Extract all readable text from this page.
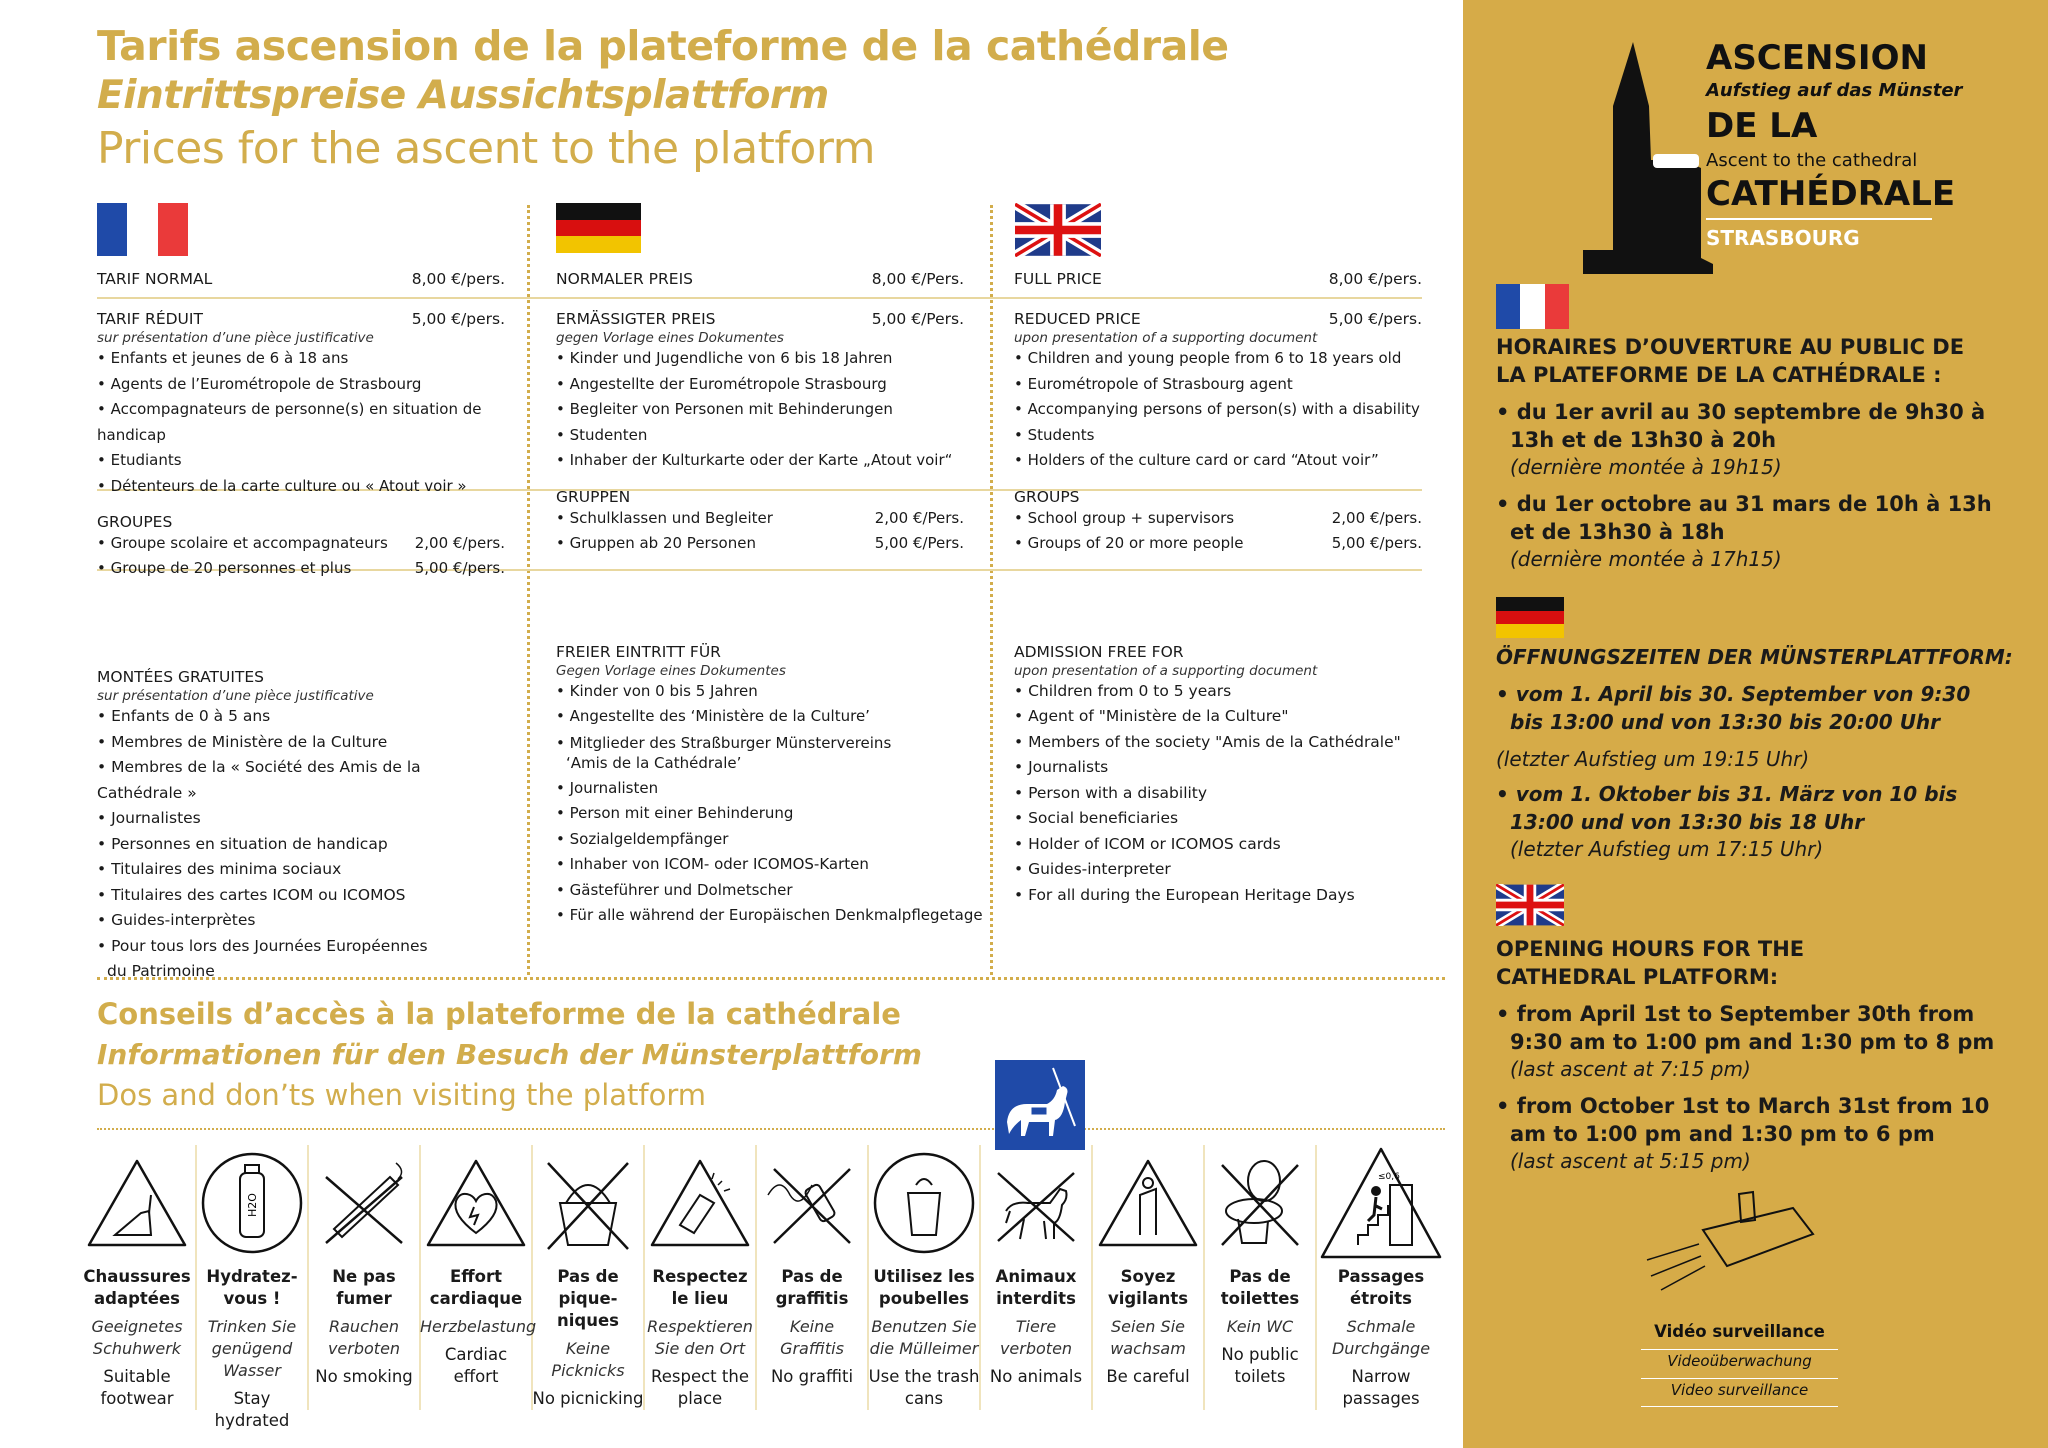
Tarifs ascension de la plateforme de la cathédrale
Eintrittspreise Aussichtsplattform
Prices for the ascent to the platform
TARIF NORMAL	8,00 €/pers.
TARIF RÉDUIT	5,00 €/pers.
sur présentation d’une pièce justificative
• Enfants et jeunes de 6 à 18 ans
• Agents de l’Eurométropole de Strasbourg
• Accompagnateurs de personne(s) en situation de handicap
• Etudiants
• Détenteurs de la carte culture ou « Atout voir »
GROUPES
• Groupe scolaire et accompagnateurs 2,00 €/pers.
• Groupe de 20 personnes et plus	5,00 €/pers.
MONTÉES GRATUITES
sur présentation d’une pièce justificative
• Enfants de 0 à 5 ans
• Membres de Ministère de la Culture
• Membres de la « Société des Amis de la Cathédrale »
• Journalistes
• Personnes en situation de handicap
• Titulaires des minima sociaux
• Titulaires des cartes ICOM ou ICOMOS
• Guides-interprètes
• Pour tous lors des Journées Européennes du Patrimoine
NORMALER PREIS	8,00 €/Pers.
ERMÄSSIGTER PREIS	5,00 €/Pers.
gegen Vorlage eines Dokumentes
• Kinder und Jugendliche von 6 bis 18 Jahren
• Angestellte der Eurométropole Strasbourg
• Begleiter von Personen mit Behinderungen
• Studenten
• Inhaber der Kulturkarte oder der Karte „Atout voir“
GRUPPEN
• Schulklassen und Begleiter	2,00 €/Pers.
• Gruppen ab 20 Personen	5,00 €/Pers.
FREIER EINTRITT FÜR
Gegen Vorlage eines Dokumentes
• Kinder von 0 bis 5 Jahren
• Angestellte des ‘Ministère de la Culture’
• Mitglieder des Straßburger Münstervereins ‘Amis de la Cathédrale’
• Journalisten
• Person mit einer Behinderung
• Sozialgeldempfänger
• Inhaber von ICOM- oder ICOMOS-Karten
• Gästeführer und Dolmetscher
• Für alle während der Europäischen Denkmalpflegetage
FULL PRICE	8,00 €/pers.
REDUCED PRICE	5,00 €/pers.
upon presentation of a supporting document
• Children and young people from 6 to 18 years old
• Eurométropole of Strasbourg agent
• Accompanying persons of person(s) with a disability
• Students
• Holders of the culture card or card “Atout voir”
GROUPS
• School group + supervisors	2,00 €/pers.
• Groups of 20 or more people	5,00 €/pers.
ADMISSION FREE FOR
upon presentation of a supporting document
• Children from 0 to 5 years
• Agent of "Ministère de la Culture"
• Members of the society "Amis de la Cathédrale"
• Journalists
• Person with a disability
• Social beneficiaries
• Holder of ICOM or ICOMOS cards
• Guides-interpreter
• For all during the European Heritage Days
Conseils d’accès à la plateforme de la cathédrale
Informationen für den Besuch der Münsterplattform
Dos and don’ts when visiting the platform
Chaussures adaptées
Geeignetes Schuhwerk
Suitable footwear
H2O
Hydratez-vous !
Trinken Sie genügend Wasser
Stay hydrated
Ne pas fumer
Rauchen verboten
No smoking
Effort cardiaque
Herzbelastung
Cardiac effort
Pas de pique-niques
Keine Picknicks
No picnicking
Respectez le lieu
Respektieren Sie den Ort
Respect the place
Pas de graffitis
Keine Graffitis
No graffiti
Utilisez les poubelles
Benutzen Sie die Mülleimer
Use the trash cans
Animaux interdits
Tiere verboten
No animals
Soyez vigilants
Seien Sie wachsam
Be careful
Pas de toilettes
Kein WC
No public toilets
≤0,6
Passages étroits
Schmale Durchgänge
Narrow passages
ASCENSION
Aufstieg auf das Münster
DE LA
Ascent to the cathedral
CATHÉDRALE
STRASBOURG
HORAIRES D’OUVERTURE AU PUBLIC DE LA PLATEFORME DE LA CATHÉDRALE :
• du 1er avril au 30 septembre de 9h30 à 13h et de 13h30 à 20h
(dernière montée à 19h15)
• du 1er octobre au 31 mars de 10h à 13h et de 13h30 à 18h
(dernière montée à 17h15)
ÖFFNUNGSZEITEN DER MÜNSTERPLATTFORM:
• vom 1. April bis 30. September von 9:30 bis 13:00 und von 13:30 bis 20:00 Uhr
(letzter Aufstieg um 19:15 Uhr)
• vom 1. Oktober bis 31. März von 10 bis 13:00 und von 13:30 bis 18 Uhr
(letzter Aufstieg um 17:15 Uhr)
OPENING HOURS FOR THE CATHEDRAL PLATFORM:
• from April 1st to September 30th from 9:30 am to 1:00 pm and 1:30 pm to 8 pm
(last ascent at 7:15 pm)
• from October 1st to March 31st from 10 am to 1:00 pm and 1:30 pm to 6 pm
(last ascent at 5:15 pm)
Vidéo surveillance
Videoüberwachung
Video surveillance
